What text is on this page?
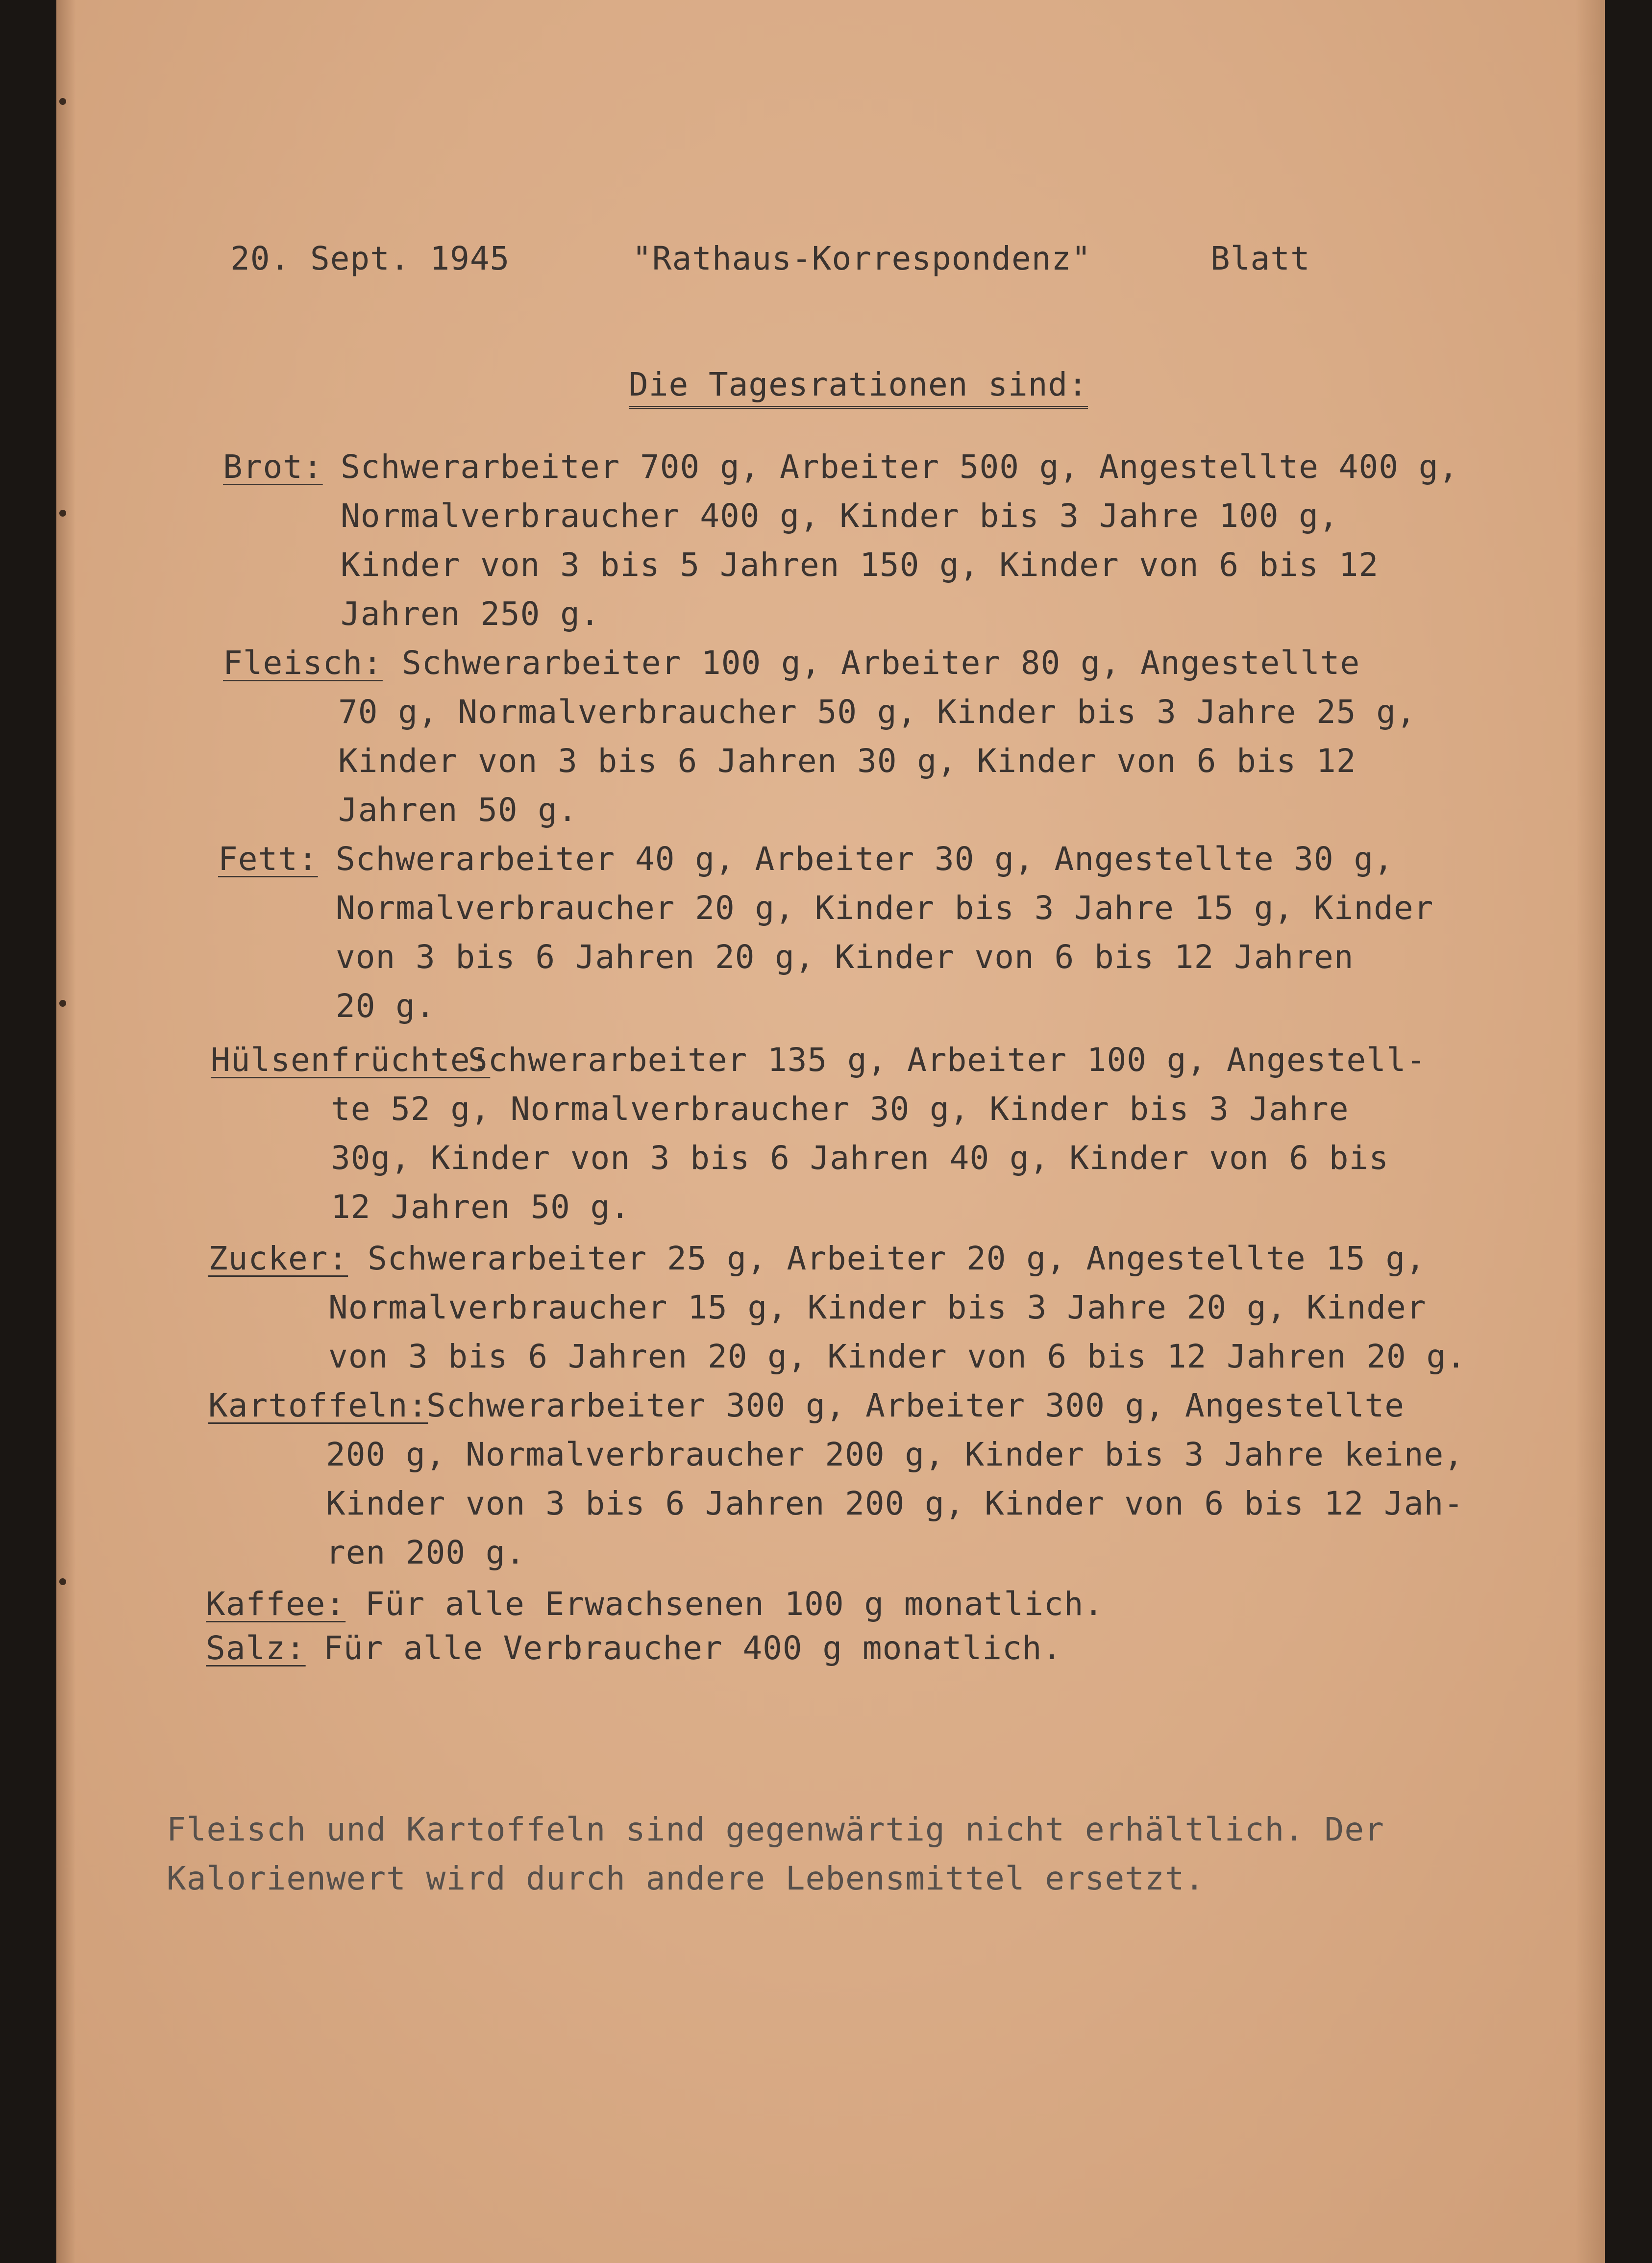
20. Sept. 1945	"Rathaus-Korrespondenz"	Blatt
Die Tagesrationen sind:
Brot: Schwerarbeiter 700 g, Arbeiter 500 g, Angestellte 400 g,
Normalverbraucher 400 g, Kinder bis 3 Jahre 100 g,
Kinder von 3 bis 5 Jahren 150 g, Kinder von 6 bis 12
Jahren 250 g.
Fleisch: Schwerarbeiter 100 g, Arbeiter 80 g, Angestellte
70 g, Normalverbraucher 50 g, Kinder bis 3 Jahre 25 g,
Kinder von 3 bis 6 Jahren 30 g, Kinder von 6 bis 12
Jahren 50 g.
Fett: Schwerarbeiter 40 g, Arbeiter 30 g, Angestellte 30 g,
Normalverbraucher 20 g, Kinder bis 3 Jahre 15 g, Kinder
von 3 bis 6 Jahren 20 g, Kinder von 6 bis 12 Jahren
20 g.
Hülsenfrüchte:
Schwerarbeiter 135 g, Arbeiter 100 g, Angestell-
te 52 g, Normalverbraucher 30 g, Kinder bis 3 Jahre
30g, Kinder von 3 bis 6 Jahren 40 g, Kinder von 6 bis
12 Jahren 50 g.
Zucker: Schwerarbeiter 25 g, Arbeiter 20 g, Angestellte 15 g,
Normalverbraucher 15 g, Kinder bis 3 Jahre 20 g, Kinder
von 3 bis 6 Jahren 20 g, Kinder von 6 bis 12 Jahren 20 g.
Kartoffeln:
Schwerarbeiter 300 g, Arbeiter 300 g, Angestellte
200 g, Normalverbraucher 200 g, Kinder bis 3 Jahre keine,
Kinder von 3 bis 6 Jahren 200 g, Kinder von 6 bis 12 Jah-
ren 200 g.
Kaffee: Für alle Erwachsenen 100 g monatlich.
Salz: Für alle Verbraucher 400 g monatlich.
Fleisch und Kartoffeln sind gegenwärtig nicht erhältlich. Der
Kalorienwert wird durch andere Lebensmittel ersetzt.
